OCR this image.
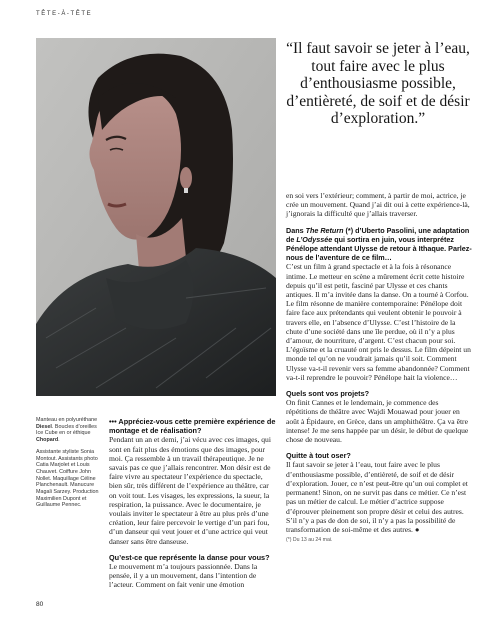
TÊTE-À-TÊTE
“Il faut savoir se jeter à l’eau, tout faire avec le plus d’enthousiasme possible, d’entièreté, de soif et de désir d’exploration.”

en soi vers l’extérieur; comment, à partir de moi, actrice, je crée un mouvement. Quand j’ai dit oui à cette expérience-là, j’ignorais la difficulté que j’allais traverser.

Dans The Return (*) d’Uberto Pasolini, une adaptation de L’Odyssée qui sortira en juin, vous interprétez Pénélope attendant Ulysse de retour à Ithaque. Parlez-nous de l’aventure de ce film…

C’est un film à grand spectacle et à la fois à résonance intime. Le metteur en scène a mûrement écrit cette histoire depuis qu’il est petit, fasciné par Ulysse et ces chants antiques. Il m’a invitée dans la danse. On a tourné à Corfou. Le film résonne de manière contemporaine: Pénélope doit faire face aux prétendants qui veulent obtenir le pouvoir à travers elle, en l’absence d’Ulysse. C’est l’histoire de la chute d’une société dans une île perdue, où il n’y a plus d’amour, de nourriture, d’argent. C’est chacun pour soi. L’égoïsme et la cruauté ont pris le dessus. Le film dépeint un monde tel qu’on ne voudrait jamais qu’il soit. Comment Ulysse va-t-il revenir vers sa femme abandonnée? Comment va-t-il reprendre le pouvoir? Pénélope hait la violence…

Quels sont vos projets?

On finit Cannes et le lendemain, je commence des répétitions de théâtre avec Wajdi Mouawad pour jouer en août à Épidaure, en Grèce, dans un amphithéâtre. Ça va être intense! Je me sens happée par un désir, le début de quelque chose de nouveau.

Quitte à tout oser?

Il faut savoir se jeter à l’eau, tout faire avec le plus d’enthousiasme possible, d’entièreté, de soif et de désir d’exploration. Jouer, ce n’est peut-être qu’un oui complet et permanent! Sinon, on ne survit pas dans ce métier. Ce n’est pas un métier de calcul. Le métier d’actrice suppose d’éprouver pleinement son propre désir et celui des autres. S’il n’y a pas de don de soi, il n’y a pas la possibilité de transformation de soi-même et des autres. ●

(*) Du 13 au 24 mai.

Manteau en polyuréthane Diesel. Boucles d’oreilles Ice Cube en or éthique Chopard.

Assistante styliste Sonia Montout. Assistants photo Catia Marjolet et Louis Chauvet. Coiffure John Nollet. Maquillage Céline Planchenault. Manucure Magali Sarzey. Production Maximilien Dupont et Guillaume Pennec.

••• Appréciez-vous cette première expérience de montage et de réalisation?

Pendant un an et demi, j’ai vécu avec ces images, qui sont en fait plus des émotions que des images, pour moi. Ça ressemble à un travail thérapeutique. Je ne savais pas ce que j’allais rencontrer. Mon désir est de faire vivre au spectateur l’expérience du spectacle, bien sûr, très différent de l’expérience au théâtre, car on voit tout. Les visages, les expressions, la sueur, la respiration, la puissance. Avec le documentaire, je voulais inviter le spectateur à être au plus près d’une création, leur faire percevoir le vertige d’un pari fou, d’un danseur qui veut jouer et d’une actrice qui veut danser sans être danseuse.

Qu’est-ce que représente la danse pour vous?

Le mouvement m’a toujours passionnée. Dans la pensée, il y a un mouvement, dans l’intention de l’acteur. Comment on fait venir une émotion

80
